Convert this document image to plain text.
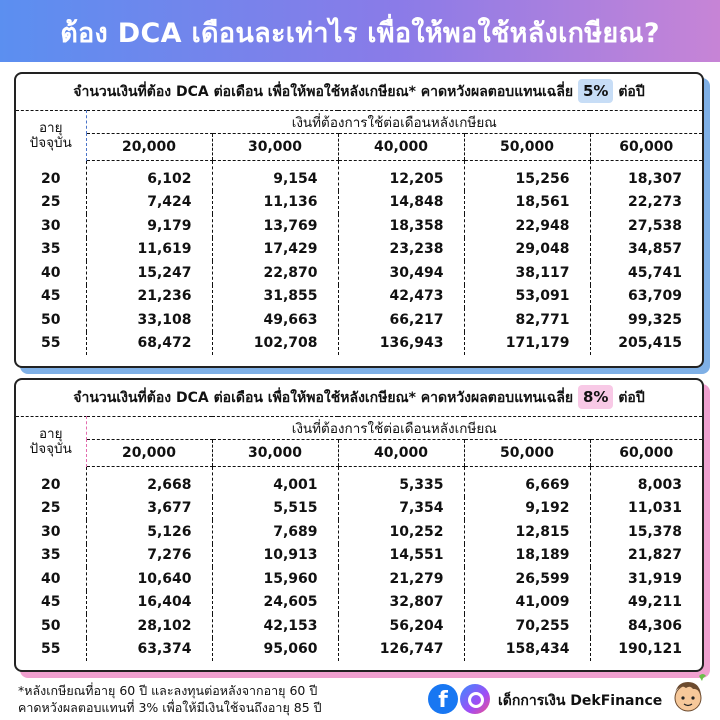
ต้อง DCA เดือนละเท่าไร เพื่อให้พอใช้หลังเกษียณ?
จำนวนเงินที่ต้อง DCA ต่อเดือน เพื่อให้พอใช้หลังเกษียณ* คาดหวังผลตอบแทนเฉลี่ย 5% ต่อปี
อายุ
ปัจจุบัน	เงินที่ต้องการใช้ต่อเดือนหลังเกษียณ				
	20,000	30,000	40,000	50,000	60,000
20	6,102	9,154	12,205	15,256	18,307
25	7,424	11,136	14,848	18,561	22,273
30	9,179	13,769	18,358	22,948	27,538
35	11,619	17,429	23,238	29,048	34,857
40	15,247	22,870	30,494	38,117	45,741
45	21,236	31,855	42,473	53,091	63,709
50	33,108	49,663	66,217	82,771	99,325
55	68,472	102,708	136,943	171,179	205,415
จำนวนเงินที่ต้อง DCA ต่อเดือน เพื่อให้พอใช้หลังเกษียณ* คาดหวังผลตอบแทนเฉลี่ย 8% ต่อปี
อายุ
ปัจจุบัน	เงินที่ต้องการใช้ต่อเดือนหลังเกษียณ				
	20,000	30,000	40,000	50,000	60,000
20	2,668	4,001	5,335	6,669	8,003
25	3,677	5,515	7,354	9,192	11,031
30	5,126	7,689	10,252	12,815	15,378
35	7,276	10,913	14,551	18,189	21,827
40	10,640	15,960	21,279	26,599	31,919
45	16,404	24,605	32,807	41,009	49,211
50	28,102	42,153	56,204	70,255	84,306
55	63,374	95,060	126,747	158,434	190,121
*หลังเกษียณที่อายุ 60 ปี และลงทุนต่อหลังจากอายุ 60 ปี
คาดหวังผลตอบแทนที่ 3% เพื่อให้มีเงินใช้จนถึงอายุ 85 ปี	f	เด็กการเงิน DekFinance
